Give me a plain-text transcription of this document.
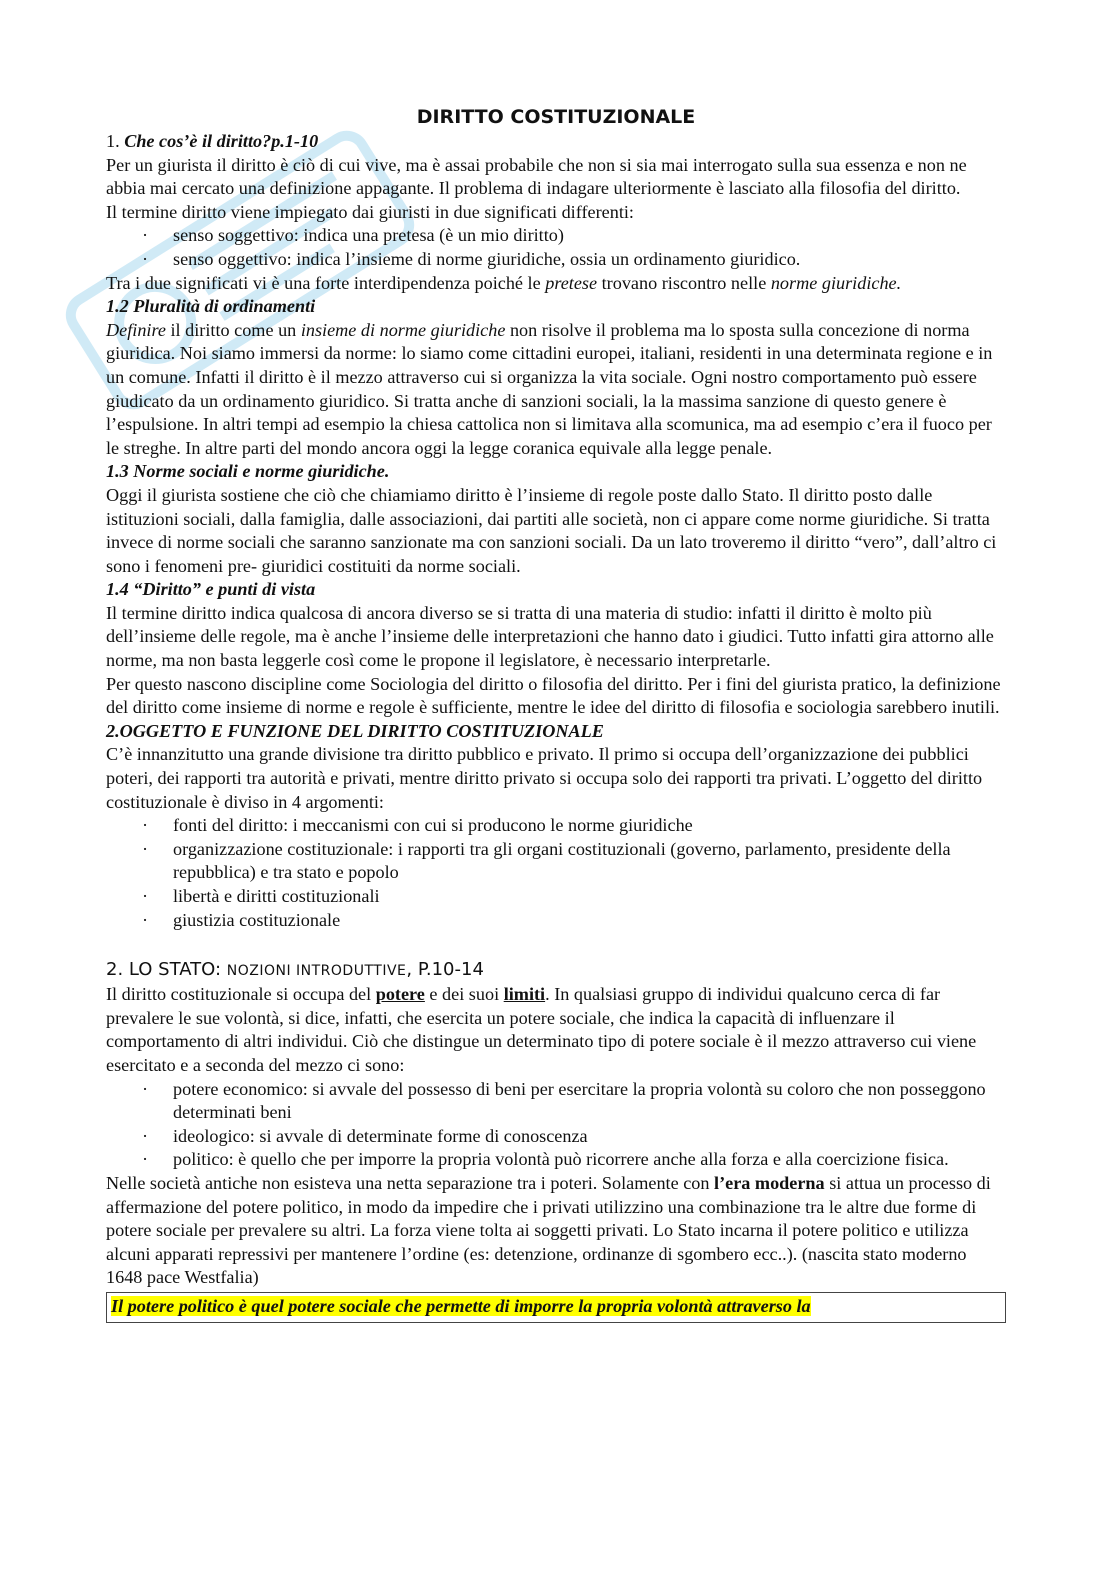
DIRITTO COSTITUZIONALE

1. Che cos’è il diritto?p.1-10

Per un giurista il diritto è ciò di cui vive, ma è assai probabile che non si sia mai interrogato sulla sua essenza e non ne abbia mai cercato una definizione appagante. Il problema di indagare ulteriormente è lasciato alla filosofia del diritto.

Il termine diritto viene impiegato dai giuristi in due significati differenti:

· senso soggettivo: indica una pretesa (è un mio diritto)
· senso oggettivo: indica l’insieme di norme giuridiche, ossia un ordinamento giuridico.

Tra i due significati vi è una forte interdipendenza poiché le pretese trovano riscontro nelle norme giuridiche.

1.2 Pluralità di ordinamenti

Definire il diritto come un insieme di norme giuridiche non risolve il problema ma lo sposta sulla concezione di norma giuridica. Noi siamo immersi da norme: lo siamo come cittadini europei, italiani, residenti in una determinata regione e in un comune. Infatti il diritto è il mezzo attraverso cui si organizza la vita sociale. Ogni nostro comportamento può essere giudicato da un ordinamento giuridico. Si tratta anche di sanzioni sociali, la la massima sanzione di questo genere è l’espulsione. In altri tempi ad esempio la chiesa cattolica non si limitava alla scomunica, ma ad esempio c’era il fuoco per le streghe. In altre parti del mondo ancora oggi la legge coranica equivale alla legge penale.

1.3 Norme sociali e norme giuridiche.

Oggi il giurista sostiene che ciò che chiamiamo diritto è l’insieme di regole poste dallo Stato. Il diritto posto dalle istituzioni sociali, dalla famiglia, dalle associazioni, dai partiti alle società, non ci appare come norme giuridiche. Si tratta invece di norme sociali che saranno sanzionate ma con sanzioni sociali. Da un lato troveremo il diritto “vero”, dall’altro ci sono i fenomeni pre- giuridici costituiti da norme sociali.

1.4 “Diritto” e punti di vista

Il termine diritto indica qualcosa di ancora diverso se si tratta di una materia di studio: infatti il diritto è molto più dell’insieme delle regole, ma è anche l’insieme delle interpretazioni che hanno dato i giudici. Tutto infatti gira attorno alle norme, ma non basta leggerle così come le propone il legislatore, è necessario interpretarle.

Per questo nascono discipline come Sociologia del diritto o filosofia del diritto. Per i fini del giurista pratico, la definizione del diritto come insieme di norme e regole è sufficiente, mentre le idee del diritto di filosofia e sociologia sarebbero inutili.

2.OGGETTO E FUNZIONE DEL DIRITTO COSTITUZIONALE

C’è innanzitutto una grande divisione tra diritto pubblico e privato. Il primo si occupa dell’organizzazione dei pubblici poteri, dei rapporti tra autorità e privati, mentre diritto privato si occupa solo dei rapporti tra privati. L’oggetto del diritto costituzionale è diviso in 4 argomenti:

· fonti del diritto: i meccanismi con cui si producono le norme giuridiche
· organizzazione costituzionale: i rapporti tra gli organi costituzionali (governo, parlamento, presidente della repubblica) e tra stato e popolo
· libertà e diritti costituzionali
· giustizia costituzionale

2. LO STATO: NOZIONI INTRODUTTIVE, P.10-14

Il diritto costituzionale si occupa del potere e dei suoi limiti. In qualsiasi gruppo di individui qualcuno cerca di far prevalere le sue volontà, si dice, infatti, che esercita un potere sociale, che indica la capacità di influenzare il comportamento di altri individui. Ciò che distingue un determinato tipo di potere sociale è il mezzo attraverso cui viene esercitato e a seconda del mezzo ci sono:

· potere economico: si avvale del possesso di beni per esercitare la propria volontà su coloro che non posseggono determinati beni
· ideologico: si avvale di determinate forme di conoscenza
· politico: è quello che per imporre la propria volontà può ricorrere anche alla forza e alla coercizione fisica.

Nelle società antiche non esisteva una netta separazione tra i poteri. Solamente con l’era moderna si attua un processo di affermazione del potere politico, in modo da impedire che i privati utilizzino una combinazione tra le altre due forme di potere sociale per prevalere su altri. La forza viene tolta ai soggetti privati. Lo Stato incarna il potere politico e utilizza alcuni apparati repressivi per mantenere l’ordine (es: detenzione, ordinanze di sgombero ecc..). (nascita stato moderno 1648 pace Westfalia)

Il potere politico è quel potere sociale che permette di imporre la propria volontà attraverso la
